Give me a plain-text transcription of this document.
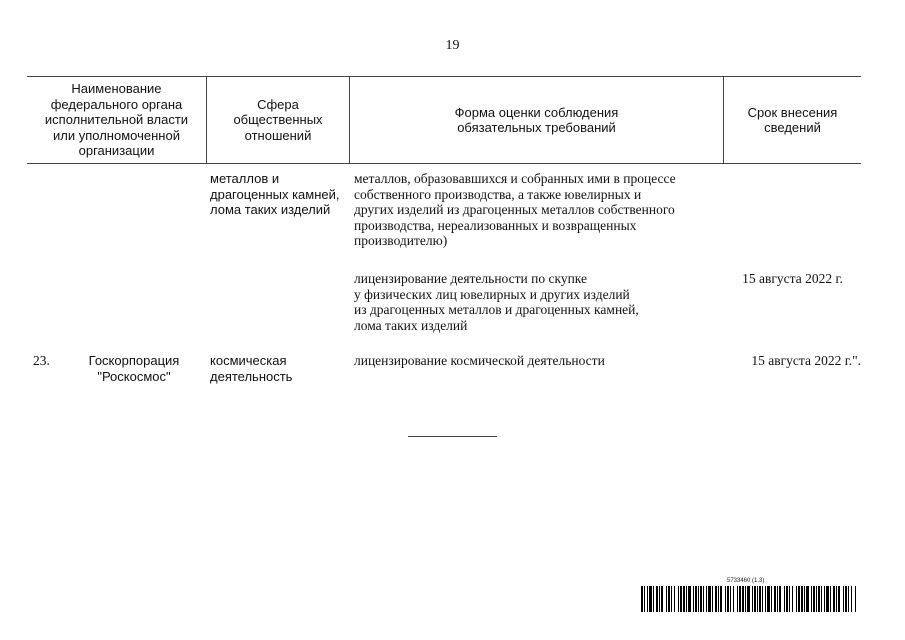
19
Наименование
федерального органа
исполнительной власти
или уполномоченной
организации
Сфера
общественных
отношений
Форма оценки соблюдения
обязательных требований
Срок внесения
сведений
металлов и
драгоценных камней,
лома таких изделий
металлов, образовавшихся и собранных ими в процессе
собственного производства, а также ювелирных и
других изделий из драгоценных металлов собственного
производства, нереализованных и возвращенных
производителю)
лицензирование деятельности по скупке
у физических лиц ювелирных и других изделий
из драгоценных металлов и драгоценных камней,
лома таких изделий
15 августа 2022 г.
23.	Госкорпорация
"Роскосмос"
космическая
деятельность
лицензирование космической деятельности	15 августа 2022 г.".
5733460 (1.3)
